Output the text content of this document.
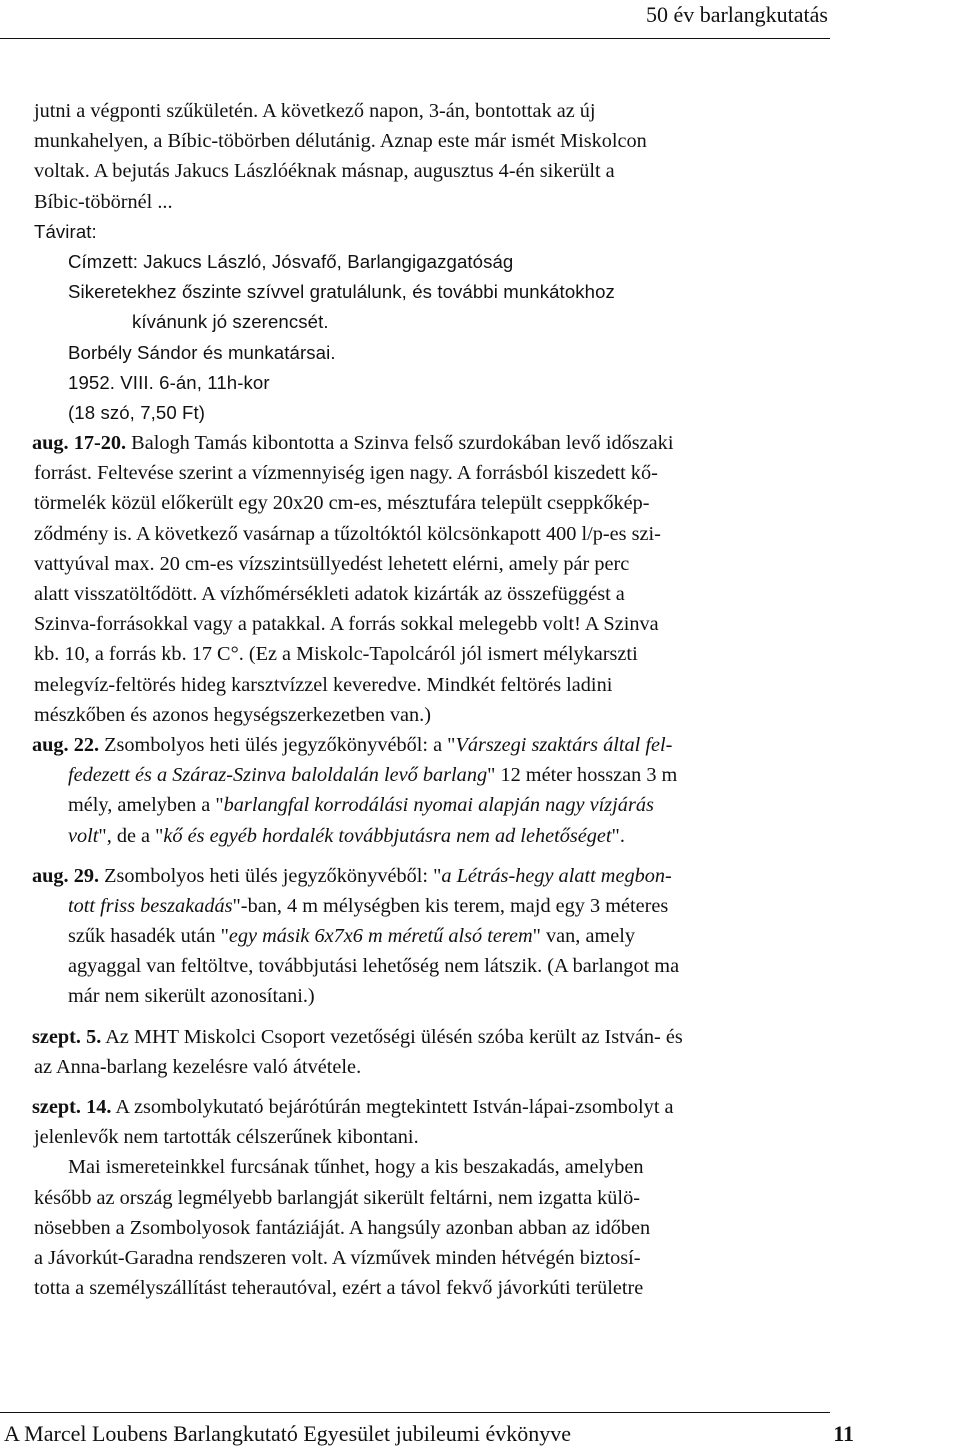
50 év barlangkutatás
jutni a végponti szűkületén. A következő napon, 3-án, bontottak az új
munkahelyen, a Bíbic-töbörben délutánig. Aznap este már ismét Miskolcon
voltak. A bejutás Jakucs Lászlóéknak másnap, augusztus 4-én sikerült a
Bíbic-töbörnél ...
Távirat:
Címzett: Jakucs László, Jósvafő, Barlangigazgatóság
Sikeretekhez őszinte szívvel gratulálunk, és további munkátokhoz
kívánunk jó szerencsét.
Borbély Sándor és munkatársai.
1952. VIII. 6-án, 11h-kor
(18 szó, 7,50 Ft)
aug. 17-20. Balogh Tamás kibontotta a Szinva felső szurdokában levő időszaki
forrást. Feltevése szerint a vízmennyiség igen nagy. A forrásból kiszedett kő-
törmelék közül előkerült egy 20x20 cm-es, mésztufára települt cseppkőkép-
ződmény is. A következő vasárnap a tűzoltóktól kölcsönkapott 400 l/p-es szi-
vattyúval max. 20 cm-es vízszintsüllyedést lehetett elérni, amely pár perc
alatt visszatöltődött. A vízhőmérsékleti adatok kizárták az összefüggést a
Szinva-forrásokkal vagy a patakkal. A forrás sokkal melegebb volt! A Szinva
kb. 10, a forrás kb. 17 C°. (Ez a Miskolc-Tapolcáról jól ismert mélykarszti
melegvíz-feltörés hideg karsztvízzel keveredve. Mindkét feltörés ladini
mészkőben és azonos hegységszerkezetben van.)
aug. 22. Zsombolyos heti ülés jegyzőkönyvéből: a "Várszegi szaktárs által fel-
fedezett és a Száraz-Szinva baloldalán levő barlang" 12 méter hosszan 3 m
mély, amelyben a "barlangfal korrodálási nyomai alapján nagy vízjárás
volt", de a "kő és egyéb hordalék továbbjutásra nem ad lehetőséget".
aug. 29. Zsombolyos heti ülés jegyzőkönyvéből: "a Létrás-hegy alatt megbon-
tott friss beszakadás"-ban, 4 m mélységben kis terem, majd egy 3 méteres
szűk hasadék után "egy másik 6x7x6 m méretű alsó terem" van, amely
agyaggal van feltöltve, továbbjutási lehetőség nem látszik. (A barlangot ma
már nem sikerült azonosítani.)
szept. 5. Az MHT Miskolci Csoport vezetőségi ülésén szóba került az István- és
az Anna-barlang kezelésre való átvétele.
szept. 14. A zsombolykutató bejárótúrán megtekintett István-lápai-zsombolyt a
jelenlevők nem tartották célszerűnek kibontani.
Mai ismereteinkkel furcsának tűnhet, hogy a kis beszakadás, amelyben
később az ország legmélyebb barlangját sikerült feltárni, nem izgatta külö-
nösebben a Zsombolyosok fantáziáját. A hangsúly azonban abban az időben
a Jávorkút-Garadna rendszeren volt. A vízművek minden hétvégén biztosí-
totta a személyszállítást teherautóval, ezért a távol fekvő jávorkúti területre
A Marcel Loubens Barlangkutató Egyesület jubileumi évkönyve	11
